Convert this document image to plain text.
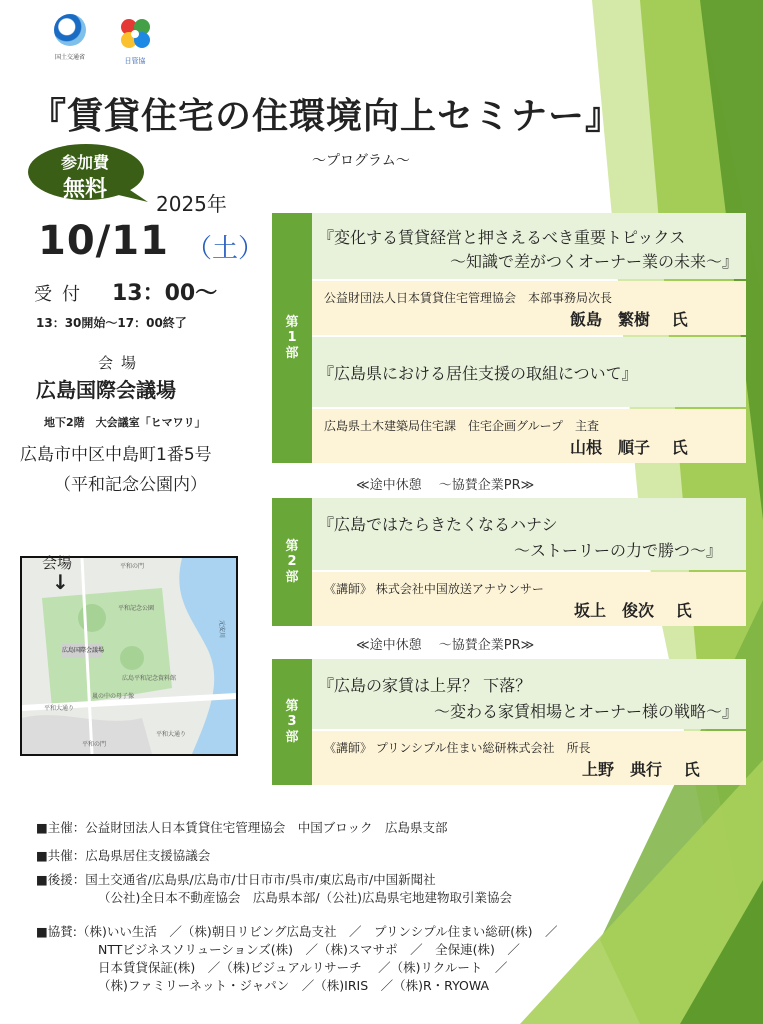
国土交通省	日管協
『賃貸住宅の住環境向上セミナー』
～プログラム～
参加費
無料
2025年
10/11 （土）
受付 13：00～
13：30開始～17：00終了
会場
広島国際会議場
地下2階　大会議室「ヒマワリ」
広島市中区中島町1番5号
（平和記念公園内）
平和の門
平和記念公園
広島国際会議場
広島平和記念資料館
嵐の中の母子像
平和大通り
平和の門
元安川
平和大通り
会場
↓
第1部
『変化する賃貸経営と押さえるべき重要トピックス
～知識で差がつくオーナー業の未来～』
公益財団法人日本賃貸住宅管理協会　本部事務局次長
飯島　繁樹　 氏
『広島県における居住支援の取組について』
広島県土木建築局住宅課　住宅企画グループ　主査
山根　順子　 氏
≪途中休憩　 ～協賛企業PR≫
第2部
『広島ではたらきたくなるハナシ
～ストーリーの力で勝つ～』
《講師》 株式会社中国放送アナウンサー
坂上　俊次　 氏
≪途中休憩　 ～協賛企業PR≫
第3部
『広島の家賃は上昇？ 下落？
～変わる家賃相場とオーナー様の戦略～』
《講師》 プリンシプル住まい総研株式会社　所長
上野　典行　 氏
■主催：公益財団法人日本賃貸住宅管理協会　中国ブロック　広島県支部
■共催：広島県居住支援協議会
■後援：国土交通省/広島県/広島市/廿日市市/呉市/東広島市/中国新聞社
（公社)全日本不動産協会　広島県本部/（公社)広島県宅地建物取引業協会
■協賛:（株)いい生活　／（株)朝日リビング広島支社　／　プリンシプル住まい総研(株)　／
NTTビジネスソリューションズ(株)　／（株)スマサポ　／　全保連(株)　／
日本賃貸保証(株)　／（株)ビジュアルリサーチ　 ／（株)リクルート　／
（株)ファミリーネット・ジャパン　／（株)IRIS　／（株)R・RYOWA
